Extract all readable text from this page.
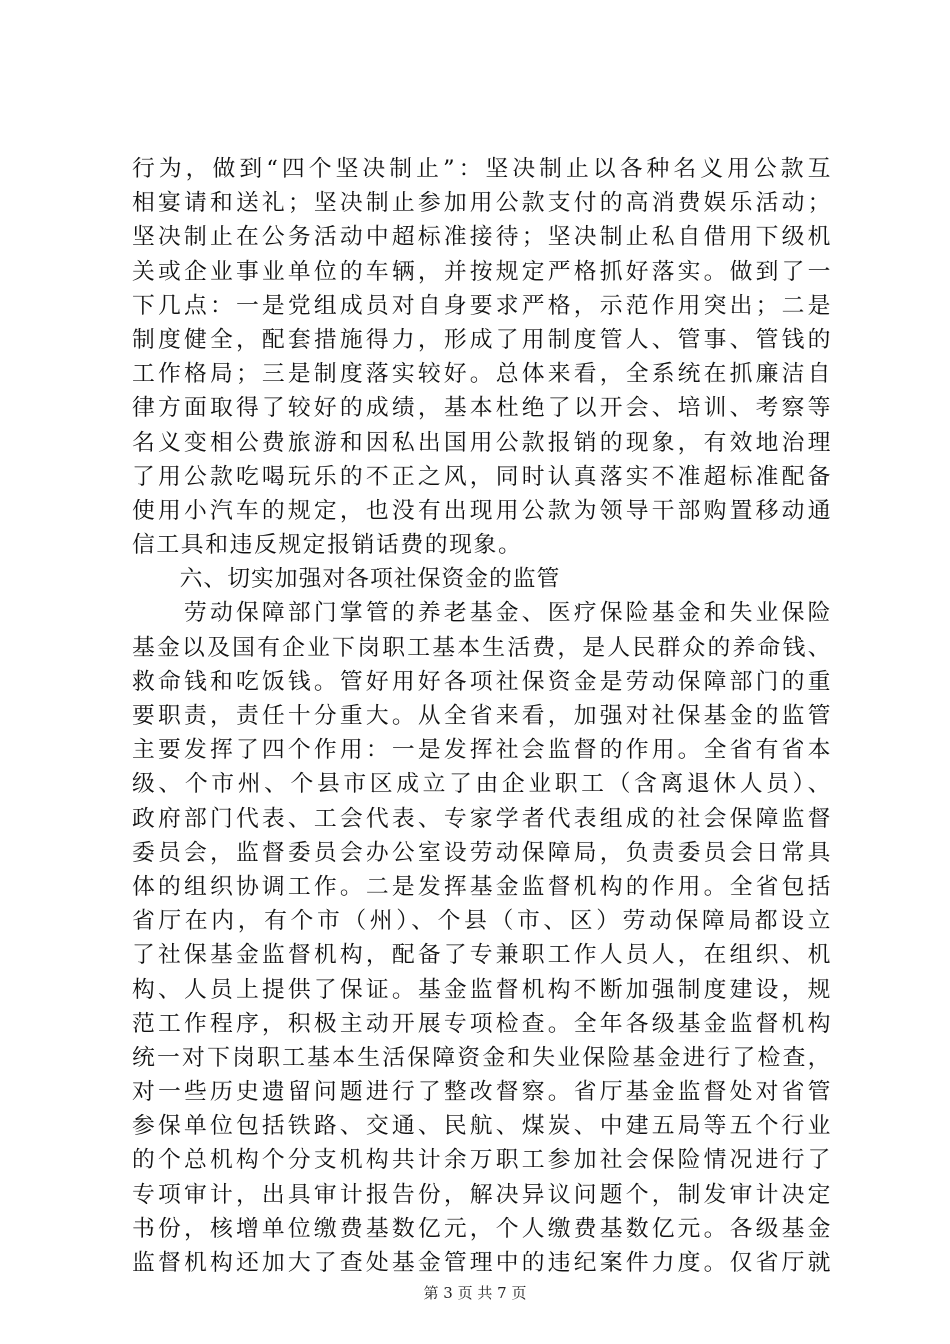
行为，做到“四个坚决制止”：坚决制止以各种名义用公款互
相宴请和送礼；坚决制止参加用公款支付的高消费娱乐活动；
坚决制止在公务活动中超标准接待；坚决制止私自借用下级机
关或企业事业单位的车辆，并按规定严格抓好落实。做到了一
下几点：一是党组成员对自身要求严格，示范作用突出；二是
制度健全，配套措施得力，形成了用制度管人、管事、管钱的
工作格局；三是制度落实较好。总体来看，全系统在抓廉洁自
律方面取得了较好的成绩，基本杜绝了以开会、培训、考察等
名义变相公费旅游和因私出国用公款报销的现象，有效地治理
了用公款吃喝玩乐的不正之风，同时认真落实不准超标准配备
使用小汽车的规定，也没有出现用公款为领导干部购置移动通
信工具和违反规定报销话费的现象。
　　六、切实加强对各项社保资金的监管
　　劳动保障部门掌管的养老基金、医疗保险基金和失业保险
基金以及国有企业下岗职工基本生活费，是人民群众的养命钱、
救命钱和吃饭钱。管好用好各项社保资金是劳动保障部门的重
要职责，责任十分重大。从全省来看，加强对社保基金的监管
主要发挥了四个作用：一是发挥社会监督的作用。全省有省本
级、个市州、个县市区成立了由企业职工（含离退休人员）、
政府部门代表、工会代表、专家学者代表组成的社会保障监督
委员会，监督委员会办公室设劳动保障局，负责委员会日常具
体的组织协调工作。二是发挥基金监督机构的作用。全省包括
省厅在内，有个市（州）、个县（市、区）劳动保障局都设立
了社保基金监督机构，配备了专兼职工作人员人，在组织、机
构、人员上提供了保证。基金监督机构不断加强制度建设，规
范工作程序，积极主动开展专项检查。全年各级基金监督机构
统一对下岗职工基本生活保障资金和失业保险基金进行了检查，
对一些历史遗留问题进行了整改督察。省厅基金监督处对省管
参保单位包括铁路、交通、民航、煤炭、中建五局等五个行业
的个总机构个分支机构共计余万职工参加社会保险情况进行了
专项审计，出具审计报告份，解决异议问题个，制发审计决定
书份，核增单位缴费基数亿元，个人缴费基数亿元。各级基金
监督机构还加大了查处基金管理中的违纪案件力度。仅省厅就
第 3 页 共 7 页
